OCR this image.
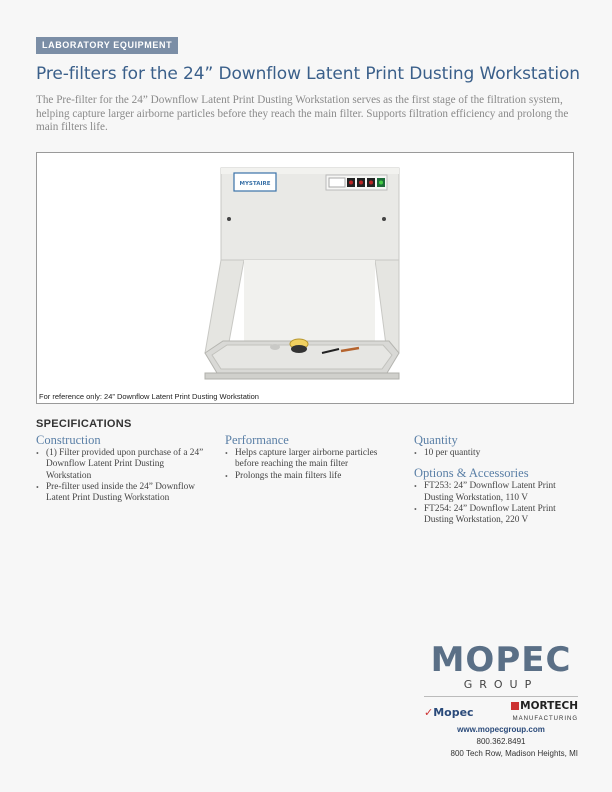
LABORATORY EQUIPMENT
Pre-filters for the 24” Downflow Latent Print Dusting Workstation
The Pre-filter for the 24” Downflow Latent Print Dusting Workstation serves as the first stage of the filtration system, helping capture larger airborne particles before they reach the main filter. Supports filtration efficiency and prolong the main filters life.
MYSTAIRE
For reference only: 24” Downflow Latent Print Dusting Workstation
SPECIFICATIONS
Construction
• (1) Filter provided upon purchase of a 24” Downflow Latent Print Dusting Workstation
• Pre-filter used inside the 24” Downflow Latent Print Dusting Workstation
Performance
• Helps capture larger airborne particles before reaching the main filter
• Prolongs the main filters life
Quantity
• 10 per quantity
Options & Accessories
• FT253: 24” Downflow Latent Print Dusting Workstation, 110 V
• FT254: 24” Downflow Latent Print Dusting Workstation, 220 V
MOPEC
GROUP
✓Mopec	MORTECH
MANUFACTURING
www.mopecgroup.com
800.362.8491
800 Tech Row, Madison Heights, MI
